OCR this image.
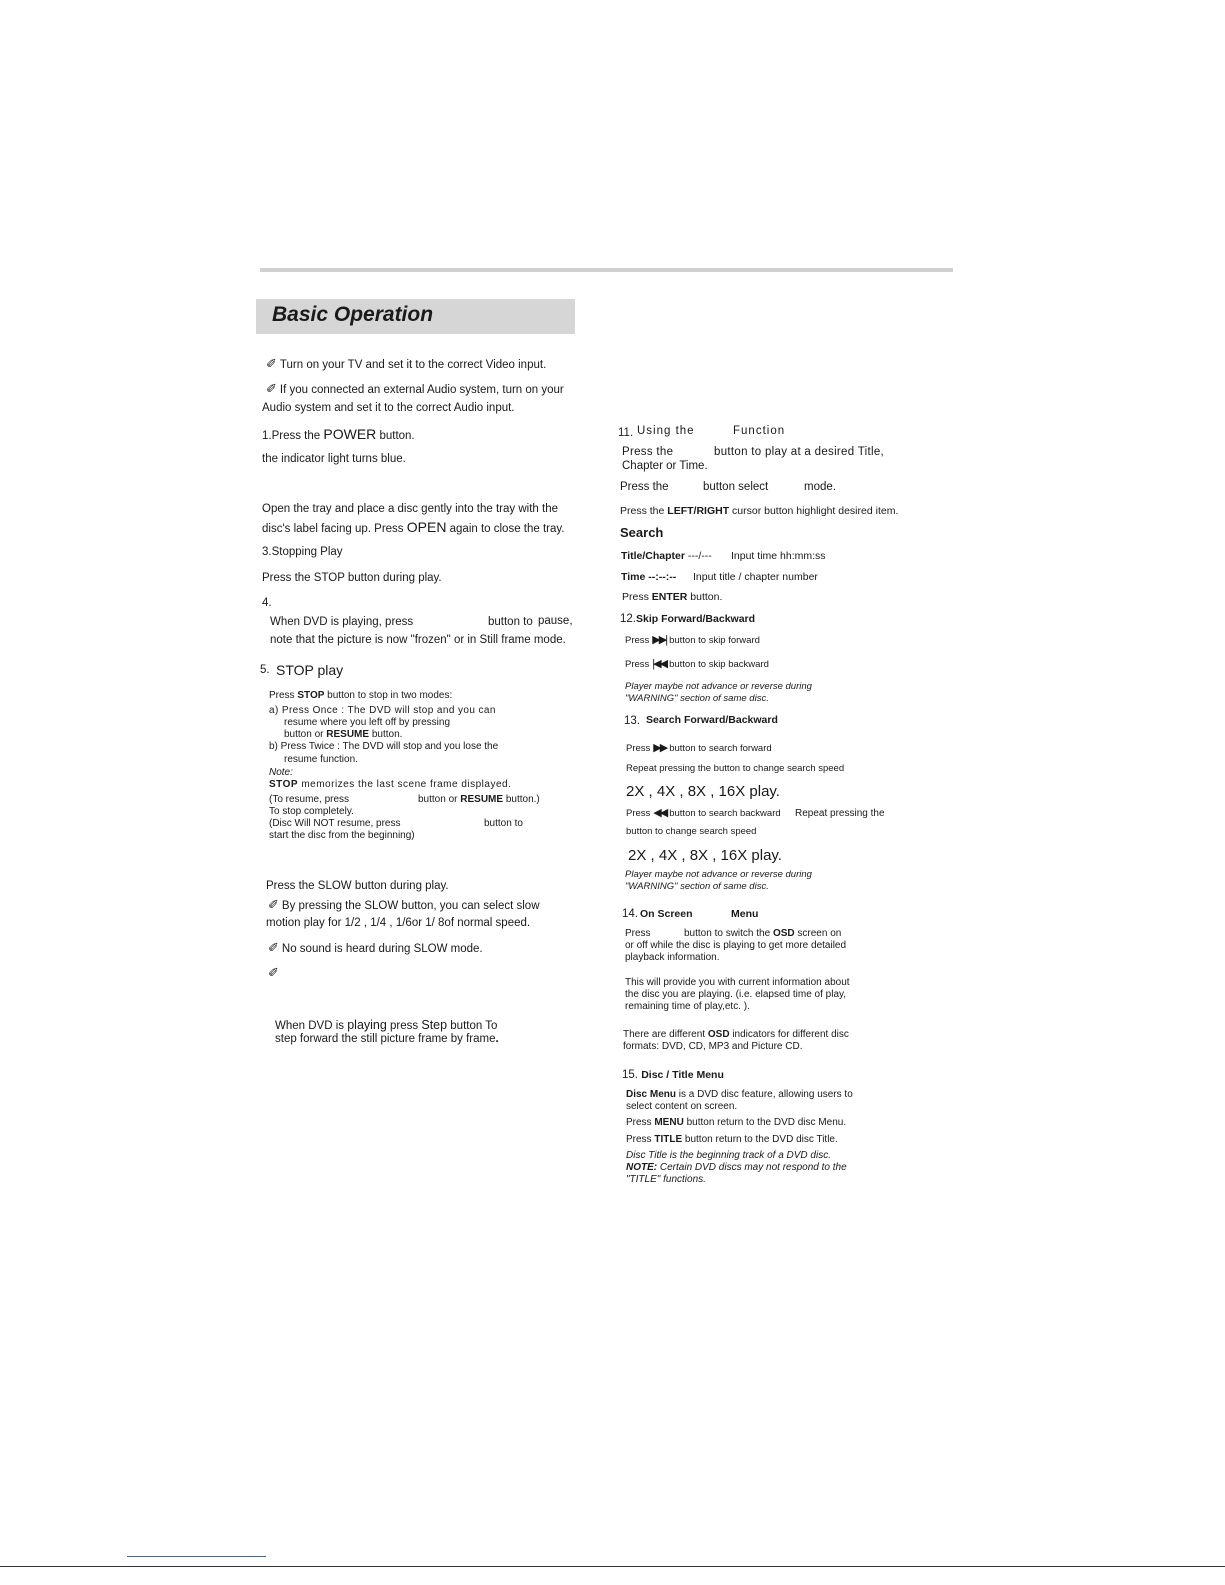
Basic Operation
✐ Turn on your TV and set it to the correct Video input.
✐ If you connected an external Audio system, turn on your
Audio system and set it to the correct Audio input.
1.Press the POWER button.
the indicator light turns blue.
Open the tray and place a disc gently into the tray with the
disc's label facing up. Press OPEN again to close the tray.
3.Stopping Play
Press the STOP button during play.
4.
When DVD is playing, press	button to pause,
note that the picture is now "frozen" or in Still frame mode.
5. STOP play
Press STOP button to stop in two modes:
a) Press Once : The DVD will stop and you can
resume where you left off by pressing
button or RESUME button.
b) Press Twice : The DVD will stop and you lose the
resume function.
Note:
STOP memorizes the last scene frame displayed.
(To resume, press	button or RESUME button.)
To stop completely.
(Disc Will NOT resume, press	button to
start the disc from the beginning)
Press the SLOW button during play.
✐ By pressing the SLOW button, you can select slow
motion play for 1/2 , 1/4 , 1/6or 1/ 8of normal speed.
✐ No sound is heard during SLOW mode.
✐
When DVD is playing press Step button To
step forward the still picture frame by frame.
11. Using the	Function
Press the	button to play at a desired Title,
Chapter or Time.
Press the	button select	mode.
Press the LEFT/RIGHT cursor button highlight desired item.
Search
Title/Chapter ---/--- Input time hh:mm:ss
Time --:--:-- Input title / chapter number
Press ENTER button.
12.Skip Forward/Backward
Press ▶▶| button to skip forward
Press |◀◀ button to skip backward
Player maybe not advance or reverse during
"WARNING" section of same disc.
13. Search Forward/Backward
Press ▶▶ button to search forward
Repeat pressing the button to change search speed
2X , 4X , 8X , 16X play.
Press ◀◀ button to search backward Repeat pressing the
button to change search speed
2X , 4X , 8X , 16X play.
Player maybe not advance or reverse during
"WARNING" section of same disc.
14. On Screen	Menu
Press	button to switch the OSD screen on
or off while the disc is playing to get more detailed
playback information.
This will provide you with current information about
the disc you are playing. (i.e. elapsed time of play,
remaining time of play,etc. ).
There are different OSD indicators for different disc
formats: DVD, CD, MP3 and Picture CD.
15. Disc / Title Menu
Disc Menu is a DVD disc feature, allowing users to
select content on screen.
Press MENU button return to the DVD disc Menu.
Press TITLE button return to the DVD disc Title.
Disc Title is the beginning track of a DVD disc.
NOTE: Certain DVD discs may not respond to the
"TITLE" functions.
